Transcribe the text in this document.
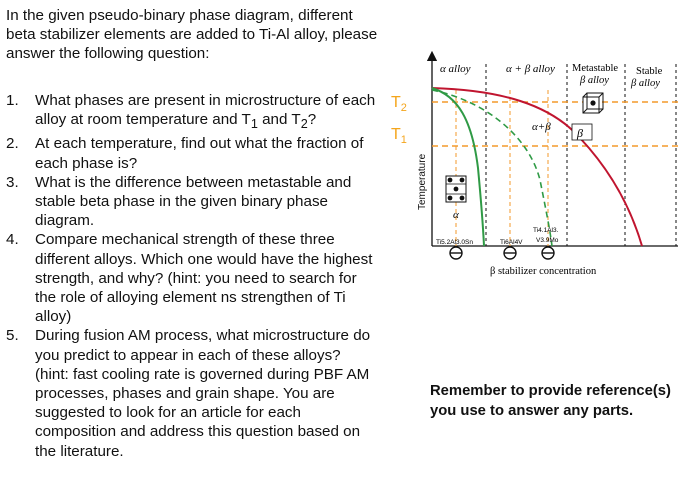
In the given pseudo-binary phase diagram, different beta stabilizer elements are added to Ti-Al alloy, please answer the following question:
1. What phases are present in microstructure of each alloy at room temperature and $T_1$ and $T_2$?
2. At each temperature, find out what the fraction of each phase is?
3. What is the difference between metastable and stable beta phase in the given binary phase diagram.
4. Compare mechanical strength of these three different alloys. Which one would have the highest strength, and why? (hint: you need to search for the role of alloying element ns strengthen of Ti alloy)
5. During fusion AM process, what microstructure do you predict to appear in each of these alloys? (hint: fast cooling rate is governed during PBF AM processes, phases and grain shape. You are suggested to look for an article for each composition and address this question based on the literature.
$T_2$
$T_1$
Temperature
α alloy	α + β alloy Metastable
β alloy
Stable
β alloy
α+β β
α
Ti5.2Al3.0Sn	Ti6Al4V
Ti4.1Al3.
V3.9Mo
β stabilizer concentration
Remember to provide reference(s) you use to answer any parts.
